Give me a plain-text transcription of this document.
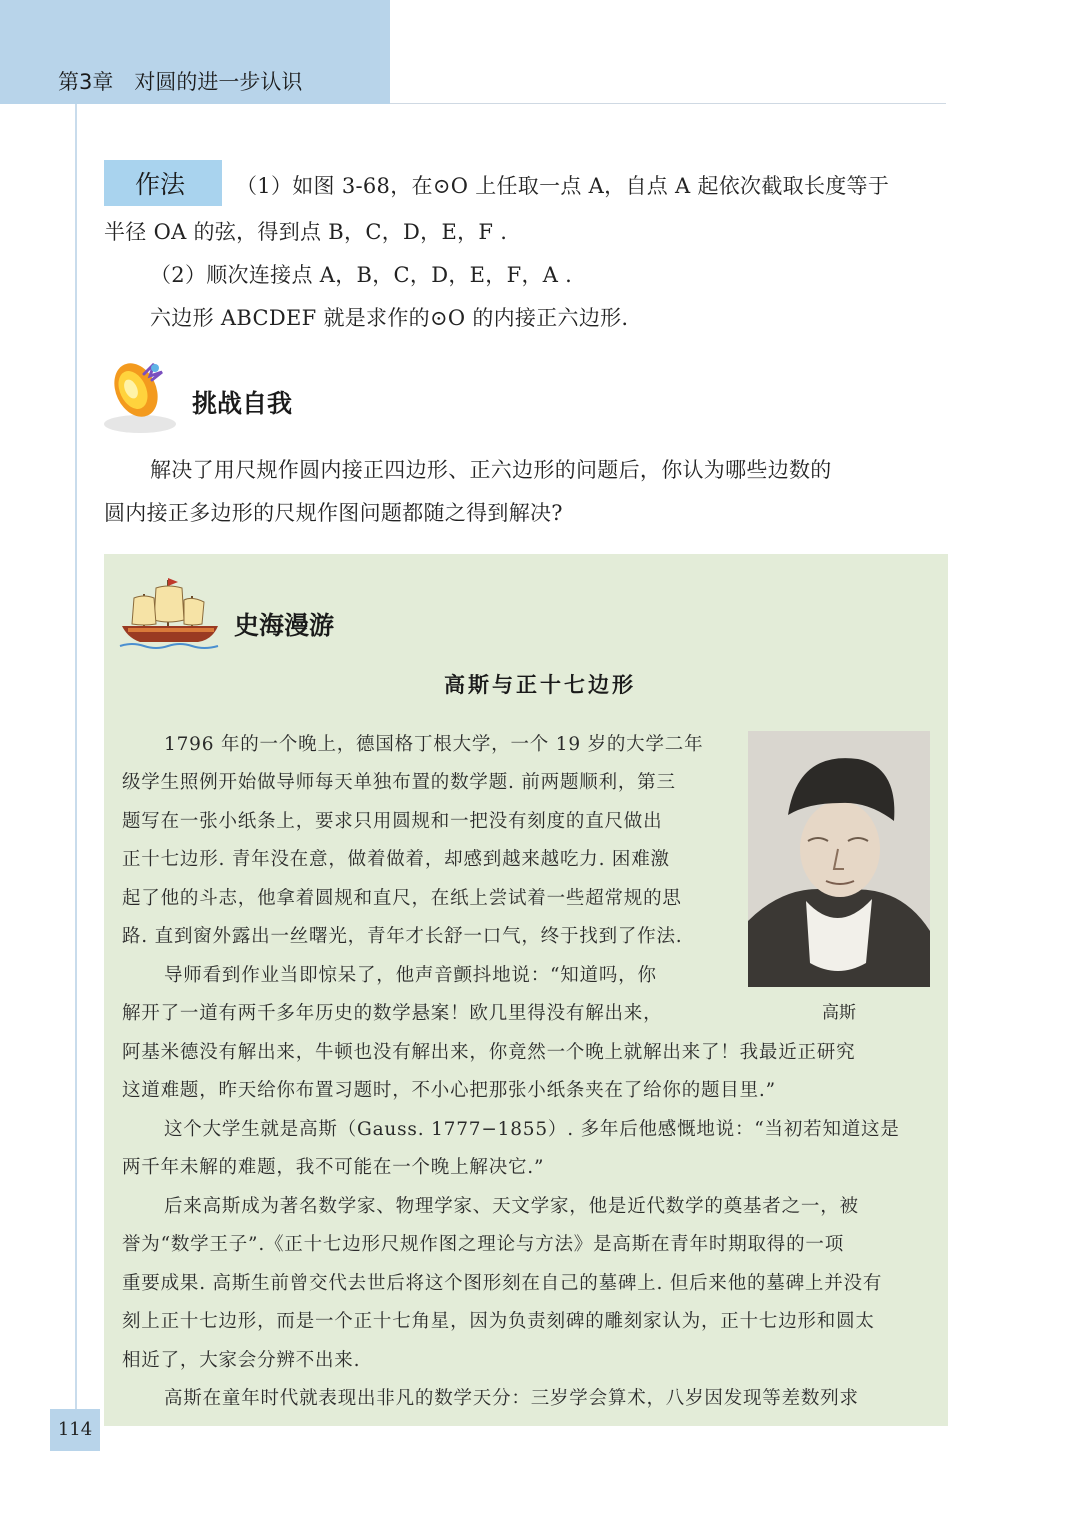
第3章　对圆的进一步认识
作法 （1）如图 3-68，在⊙O 上任取一点 A，自点 A 起依次截取长度等于
半径 OA 的弦，得到点 B，C，D，E，F .
（2）顺次连接点 A，B，C，D，E，F，A .
六边形 ABCDEF 就是求作的⊙O 的内接正六边形.
挑战自我
解决了用尺规作圆内接正四边形、正六边形的问题后，你认为哪些边数的
圆内接正多边形的尺规作图问题都随之得到解决?
史海漫游
高斯与正十七边形
高斯
1796 年的一个晚上，德国格丁根大学，一个 19 岁的大学二年
级学生照例开始做导师每天单独布置的数学题. 前两题顺利，第三
题写在一张小纸条上，要求只用圆规和一把没有刻度的直尺做出
正十七边形. 青年没在意，做着做着，却感到越来越吃力. 困难激
起了他的斗志，他拿着圆规和直尺，在纸上尝试着一些超常规的思
路. 直到窗外露出一丝曙光，青年才长舒一口气，终于找到了作法.
导师看到作业当即惊呆了，他声音颤抖地说：“知道吗，你
解开了一道有两千多年历史的数学悬案！欧几里得没有解出来，
阿基米德没有解出来，牛顿也没有解出来，你竟然一个晚上就解出来了！我最近正研究
这道难题，昨天给你布置习题时，不小心把那张小纸条夹在了给你的题目里.”
这个大学生就是高斯（Gauss. 1777−1855）. 多年后他感慨地说：“当初若知道这是
两千年未解的难题，我不可能在一个晚上解决它.”
后来高斯成为著名数学家、物理学家、天文学家，他是近代数学的奠基者之一，被
誉为“数学王子”.《正十七边形尺规作图之理论与方法》是高斯在青年时期取得的一项
重要成果. 高斯生前曾交代去世后将这个图形刻在自己的墓碑上. 但后来他的墓碑上并没有
刻上正十七边形，而是一个正十七角星，因为负责刻碑的雕刻家认为，正十七边形和圆太
相近了，大家会分辨不出来.
高斯在童年时代就表现出非凡的数学天分：三岁学会算术，八岁因发现等差数列求
114
